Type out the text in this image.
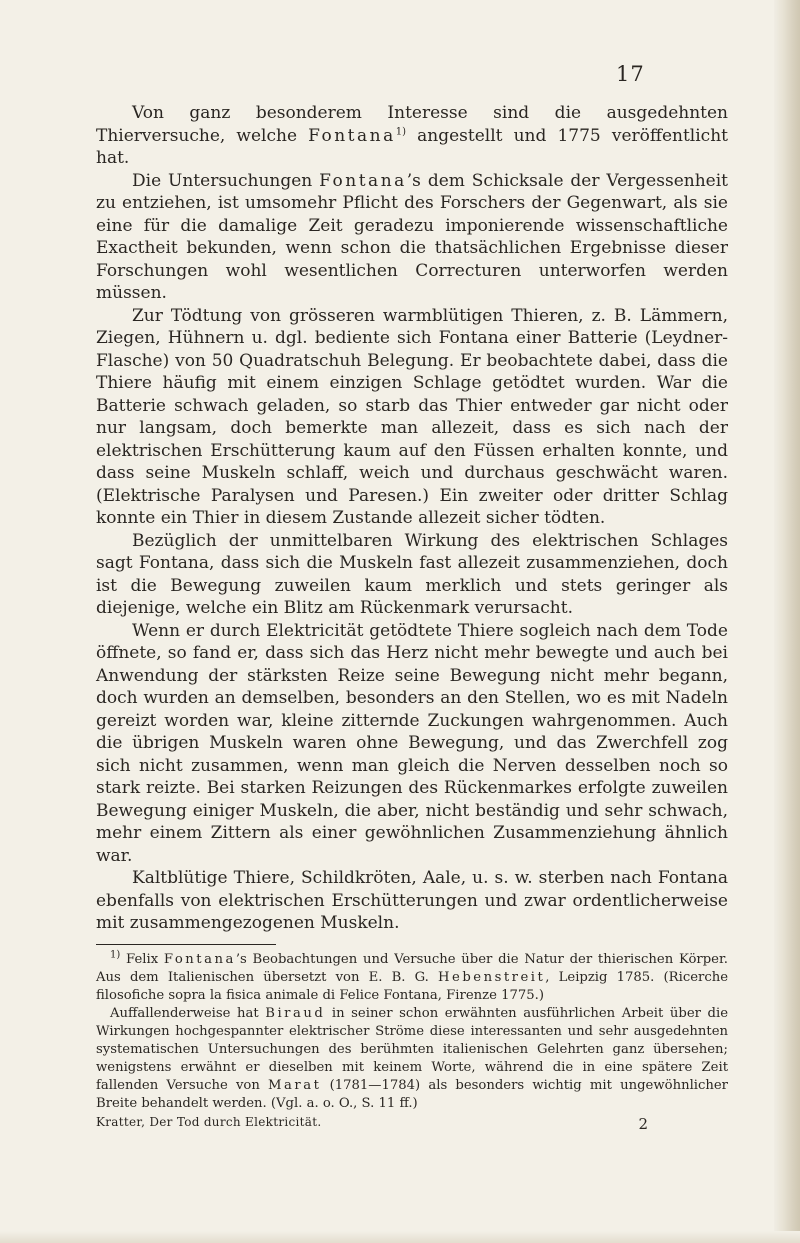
17

Von ganz besonderem Interesse sind die ausgedehnten Thierversuche, welche Fontana$^{1)}$ angestellt und 1775 veröffentlicht hat.

Die Untersuchungen Fontana’s dem Schicksale der Vergessenheit zu entziehen, ist umsomehr Pflicht des Forschers der Gegenwart, als sie eine für die damalige Zeit geradezu imponierende wissenschaftliche Exactheit bekunden, wenn schon die thatsächlichen Ergebnisse dieser Forschungen wohl wesentlichen Correcturen unterworfen werden müssen.

Zur Tödtung von grösseren warmblütigen Thieren, z. B. Lämmern, Ziegen, Hühnern u. dgl. bediente sich Fontana einer Batterie (Leydner-Flasche) von 50 Quadratschuh Belegung. Er beobachtete dabei, dass die Thiere häufig mit einem einzigen Schlage getödtet wurden. War die Batterie schwach geladen, so starb das Thier entweder gar nicht oder nur langsam, doch bemerkte man allezeit, dass es sich nach der elektrischen Erschütterung kaum auf den Füssen erhalten konnte, und dass seine Muskeln schlaff, weich und durchaus geschwächt waren. (Elektrische Paralysen und Paresen.) Ein zweiter oder dritter Schlag konnte ein Thier in diesem Zustande allezeit sicher tödten.

Bezüglich der unmittelbaren Wirkung des elektrischen Schlages sagt Fontana, dass sich die Muskeln fast allezeit zusammenziehen, doch ist die Bewegung zuweilen kaum merklich und stets geringer als diejenige, welche ein Blitz am Rückenmark verursacht.

Wenn er durch Elektricität getödtete Thiere sogleich nach dem Tode öffnete, so fand er, dass sich das Herz nicht mehr bewegte und auch bei Anwendung der stärksten Reize seine Bewegung nicht mehr begann, doch wurden an demselben, besonders an den Stellen, wo es mit Nadeln gereizt worden war, kleine zitternde Zuckungen wahrgenommen. Auch die übrigen Muskeln waren ohne Bewegung, und das Zwerchfell zog sich nicht zusammen, wenn man gleich die Nerven desselben noch so stark reizte. Bei starken Reizungen des Rückenmarkes erfolgte zuweilen Bewegung einiger Muskeln, die aber, nicht beständig und sehr schwach, mehr einem Zittern als einer gewöhnlichen Zusammenziehung ähnlich war.

Kaltblütige Thiere, Schildkröten, Aale, u. s. w. sterben nach Fontana ebenfalls von elektrischen Erschütterungen und zwar ordentlicherweise mit zusammengezogenen Muskeln.

$^{1)}$ Felix Fontana’s Beobachtungen und Versuche über die Natur der thierischen Körper. Aus dem Italienischen übersetzt von E. B. G. Hebenstreit, Leipzig 1785. (Ricerche filosofiche sopra la fisica animale di Felice Fontana, Firenze 1775.)

Auffallenderweise hat Biraud in seiner schon erwähnten ausführlichen Arbeit über die Wirkungen hochgespannter elektrischer Ströme diese interessanten und sehr ausgedehnten systematischen Untersuchungen des berühmten italienischen Gelehrten ganz übersehen; wenigstens erwähnt er dieselben mit keinem Worte, während die in eine spätere Zeit fallenden Versuche von Marat (1781—1784) als besonders wichtig mit ungewöhnlicher Breite behandelt werden. (Vgl. a. o. O., S. 11 ff.)

Kratter, Der Tod durch Elektricität.	2
